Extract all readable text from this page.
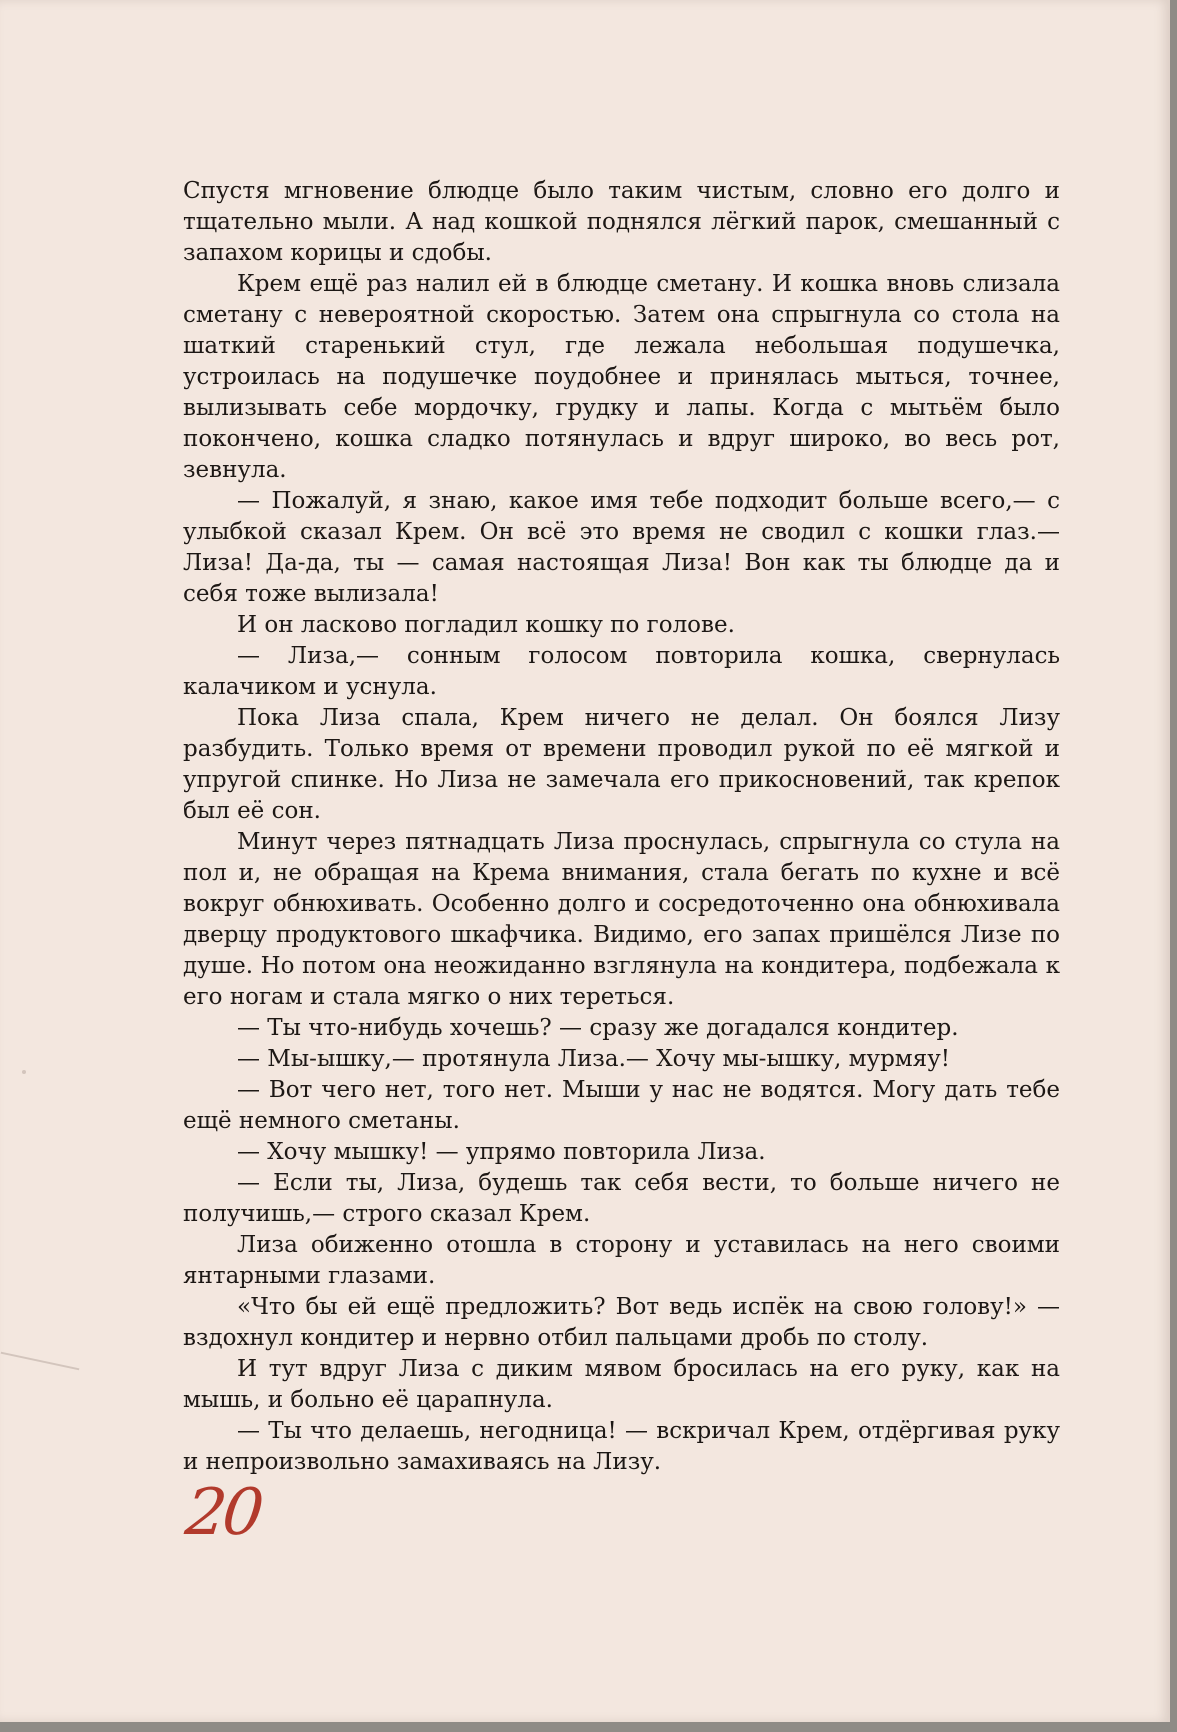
Спустя мгновение блюдце было таким чистым, словно его долго и тщательно мыли. А над кошкой поднялся лёгкий парок, смешанный с запахом корицы и сдобы.

Крем ещё раз налил ей в блюдце сметану. И кошка вновь слизала сметану с невероятной скоростью. Затем она спрыгнула со стола на шаткий старенький стул, где лежала небольшая подушечка, устроилась на подушечке поудобнее и принялась мыться, точнее, вылизывать себе мордочку, грудку и лапы. Когда с мытьём было покончено, кошка сладко потянулась и вдруг широко, во весь рот, зевнула.

— Пожалуй, я знаю, какое имя тебе подходит больше всего,— с улыбкой сказал Крем. Он всё это время не сводил с кошки глаз.— Лиза! Да-да, ты — самая настоящая Лиза! Вон как ты блюдце да и себя тоже вылизала!

И он ласково погладил кошку по голове.

— Лиза,— сонным голосом повторила кошка, свернулась калачиком и уснула.

Пока Лиза спала, Крем ничего не делал. Он боялся Лизу разбудить. Только время от времени проводил рукой по её мягкой и упругой спинке. Но Лиза не замечала его прикосновений, так крепок был её сон.

Минут через пятнадцать Лиза проснулась, спрыгнула со стула на пол и, не обращая на Крема внимания, стала бегать по кухне и всё вокруг обнюхивать. Особенно долго и сосредоточенно она обнюхивала дверцу продуктового шкафчика. Видимо, его запах пришёлся Лизе по душе. Но потом она неожиданно взглянула на кондитера, подбежала к его ногам и стала мягко о них тереться.

— Ты что-нибудь хочешь? — сразу же догадался кондитер.

— Мы-ышку,— протянула Лиза.— Хочу мы-ышку, мурмяу!

— Вот чего нет, того нет. Мыши у нас не водятся. Могу дать тебе ещё немного сметаны.

— Хочу мышку! — упрямо повторила Лиза.

— Если ты, Лиза, будешь так себя вести, то больше ничего не получишь,— строго сказал Крем.

Лиза обиженно отошла в сторону и уставилась на него своими янтарными глазами.

«Что бы ей ещё предложить? Вот ведь испёк на свою голову!» — вздохнул кондитер и нервно отбил пальцами дробь по столу.

И тут вдруг Лиза с диким мявом бросилась на его руку, как на мышь, и больно её царапнула.

— Ты что делаешь, негодница! — вскричал Крем, отдёргивая руку и непроизвольно замахиваясь на Лизу.

20
